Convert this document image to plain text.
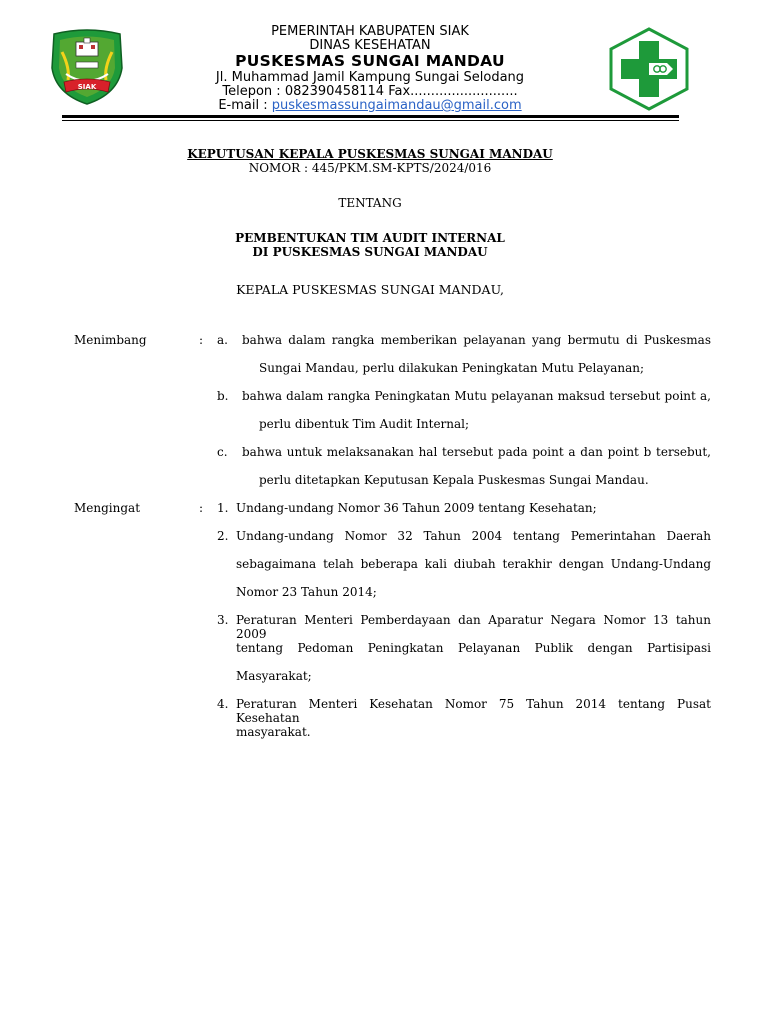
SIAK
PEMERINTAH KABUPATEN SIAK
DINAS KESEHATAN
PUSKESMAS SUNGAI MANDAU
Jl. Muhammad Jamil Kampung Sungai Selodang
Telepon : 082390458114 Fax..........................
E-mail : puskesmassungaimandau@gmail.com
KEPUTUSAN KEPALA PUSKESMAS SUNGAI MANDAU
NOMOR : 445/PKM.SM-KPTS/2024/016
TENTANG
PEMBENTUKAN TIM AUDIT INTERNAL
DI PUSKESMAS SUNGAI MANDAU
KEPALA PUSKESMAS SUNGAI MANDAU,
Menimbang	: a. bahwa dalam rangka memberikan pelayanan yang bermutu di Puskesmas
Sungai Mandau, perlu dilakukan Peningkatan Mutu Pelayanan;
b. bahwa dalam rangka Peningkatan Mutu pelayanan maksud tersebut point a,
perlu dibentuk Tim Audit Internal;
c. bahwa untuk melaksanakan hal tersebut pada point a dan point b tersebut,
perlu ditetapkan Keputusan Kepala Puskesmas Sungai Mandau.
Mengingat	: 1. Undang-undang Nomor 36 Tahun 2009 tentang Kesehatan;
2. Undang-undang Nomor 32 Tahun 2004 tentang Pemerintahan Daerah
sebagaimana telah beberapa kali diubah terakhir dengan Undang-Undang
Nomor 23 Tahun 2014;
3. Peraturan Menteri Pemberdayaan dan Aparatur Negara Nomor 13 tahun 2009
tentang Pedoman Peningkatan Pelayanan Publik dengan Partisipasi
Masyarakat;
4. Peraturan Menteri Kesehatan Nomor 75 Tahun 2014 tentang Pusat Kesehatan
masyarakat.
